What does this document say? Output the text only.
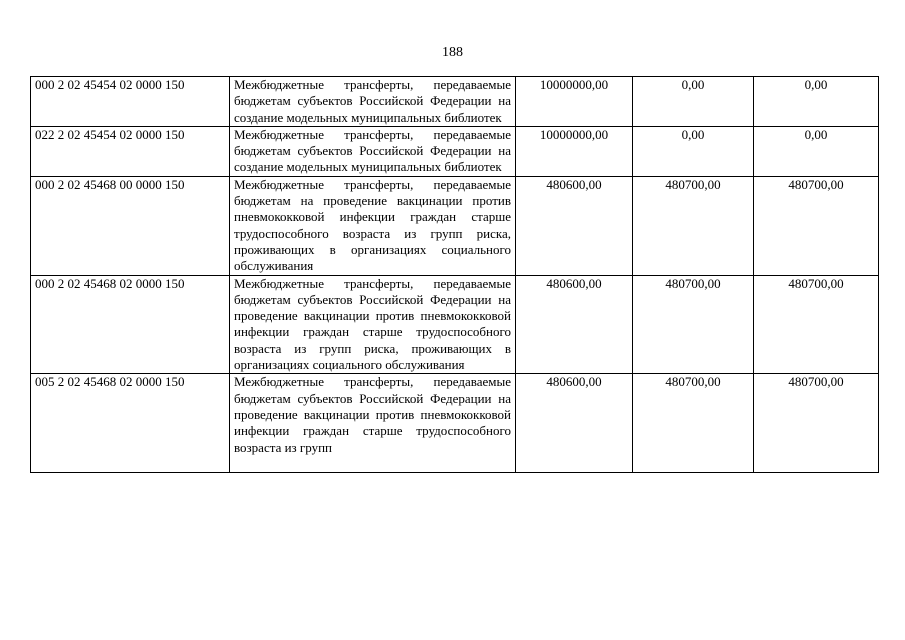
188
000 2 02 45454 02 0000 150	Межбюджетные трансферты, передаваемые бюджетам субъектов Российской Федерации на создание модельных муниципальных библиотек	10000000,00	0,00	0,00
022 2 02 45454 02 0000 150	Межбюджетные трансферты, передаваемые бюджетам субъектов Российской Федерации на создание модельных муниципальных библиотек	10000000,00	0,00	0,00
000 2 02 45468 00 0000 150	Межбюджетные трансферты, передаваемые бюджетам на проведение вакцинации против пневмококковой инфекции граждан старше трудоспособного возраста из групп риска, проживающих в организациях социального обслуживания	480600,00	480700,00	480700,00
000 2 02 45468 02 0000 150	Межбюджетные трансферты, передаваемые бюджетам субъектов Российской Федерации на проведение вакцинации против пневмококковой инфекции граждан старше трудоспособного возраста из групп риска, проживающих в организациях социального обслуживания	480600,00	480700,00	480700,00
005 2 02 45468 02 0000 150	Межбюджетные трансферты, передаваемые бюджетам субъектов Российской Федерации на проведение вакцинации против пневмококковой инфекции граждан старше трудоспособного возраста из групп	480600,00	480700,00	480700,00
